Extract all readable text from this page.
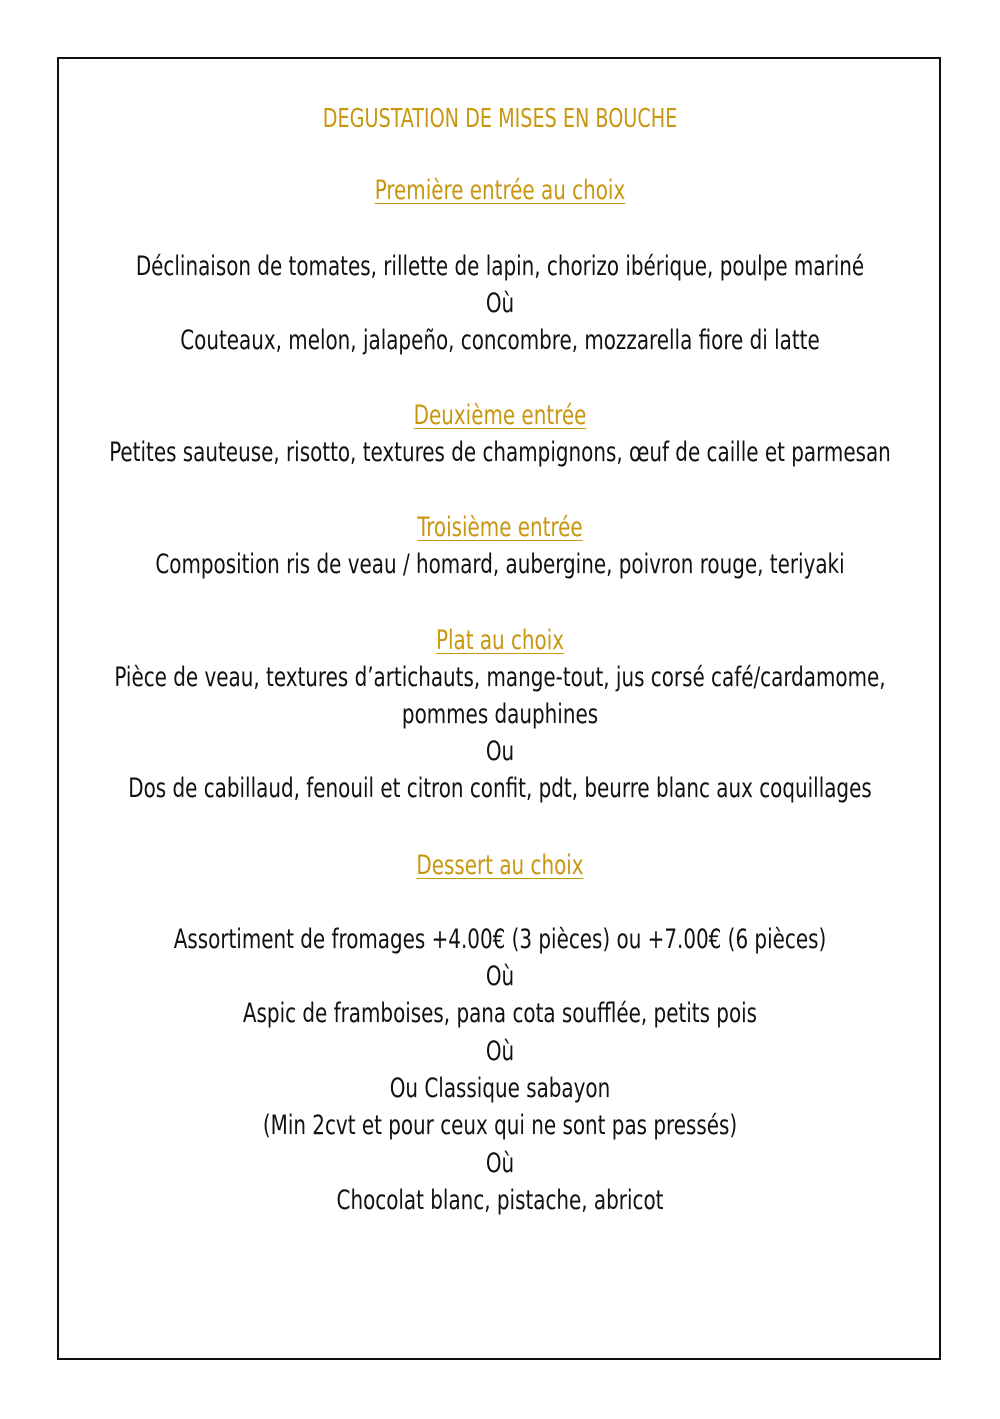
DEGUSTATION DE MISES EN BOUCHE
Première entrée au choix
Déclinaison de tomates, rillette de lapin, chorizo ibérique, poulpe mariné
Où
Couteaux, melon, jalapeño, concombre, mozzarella fiore di latte
Deuxième entrée
Petites sauteuse, risotto, textures de champignons, œuf de caille et parmesan
Troisième entrée
Composition ris de veau / homard, aubergine, poivron rouge, teriyaki
Plat au choix
Pièce de veau, textures d’artichauts, mange-tout, jus corsé café/cardamome,
pommes dauphines
Ou
Dos de cabillaud, fenouil et citron confit, pdt, beurre blanc aux coquillages
Dessert au choix
Assortiment de fromages +4.00€ (3 pièces) ou +7.00€ (6 pièces)
Où
Aspic de framboises, pana cota soufflée, petits pois
Où
Ou Classique sabayon
(Min 2cvt et pour ceux qui ne sont pas pressés)
Où
Chocolat blanc, pistache, abricot
